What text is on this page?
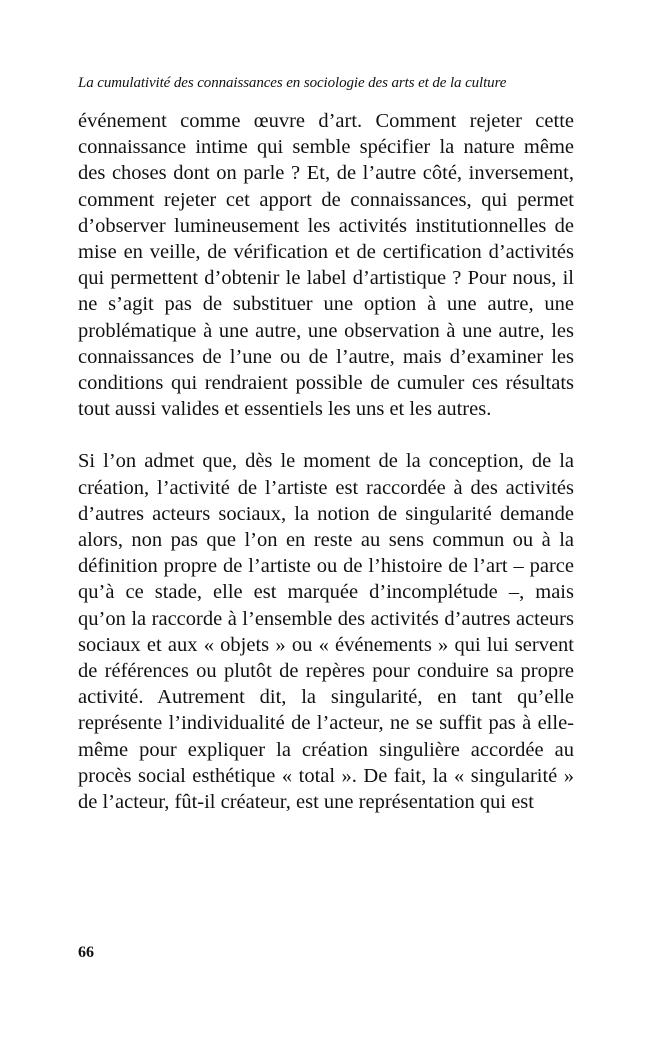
La cumulativité des connaissances en sociologie des arts et de la culture

événement comme œuvre d’art. Comment rejeter cette connaissance intime qui semble spécifier la nature même des choses dont on parle ? Et, de l’autre côté, inversement, comment rejeter cet apport de connaissances, qui permet d’observer lumineusement les activités institutionnelles de mise en veille, de vérification et de certification d’activités qui permettent d’obtenir le label d’artistique ? Pour nous, il ne s’agit pas de substituer une option à une autre, une problématique à une autre, une observation à une autre, les connaissances de l’une ou de l’autre, mais d’examiner les conditions qui rendraient possible de cumuler ces résultats tout aussi valides et essentiels les uns et les autres.

Si l’on admet que, dès le moment de la conception, de la création, l’activité de l’artiste est raccordée à des activités d’autres acteurs sociaux, la notion de singularité demande alors, non pas que l’on en reste au sens commun ou à la définition propre de l’artiste ou de l’histoire de l’art – parce qu’à ce stade, elle est marquée d’incomplétude –, mais qu’on la raccorde à l’ensemble des activités d’autres acteurs sociaux et aux « objets » ou « événements » qui lui servent de références ou plutôt de repères pour conduire sa propre activité. Autrement dit, la singularité, en tant qu’elle représente l’individualité de l’acteur, ne se suffit pas à elle-même pour expliquer la création singulière accordée au procès social esthétique « total ». De fait, la « singularité » de l’acteur, fût-il créateur, est une représentation qui est

66
